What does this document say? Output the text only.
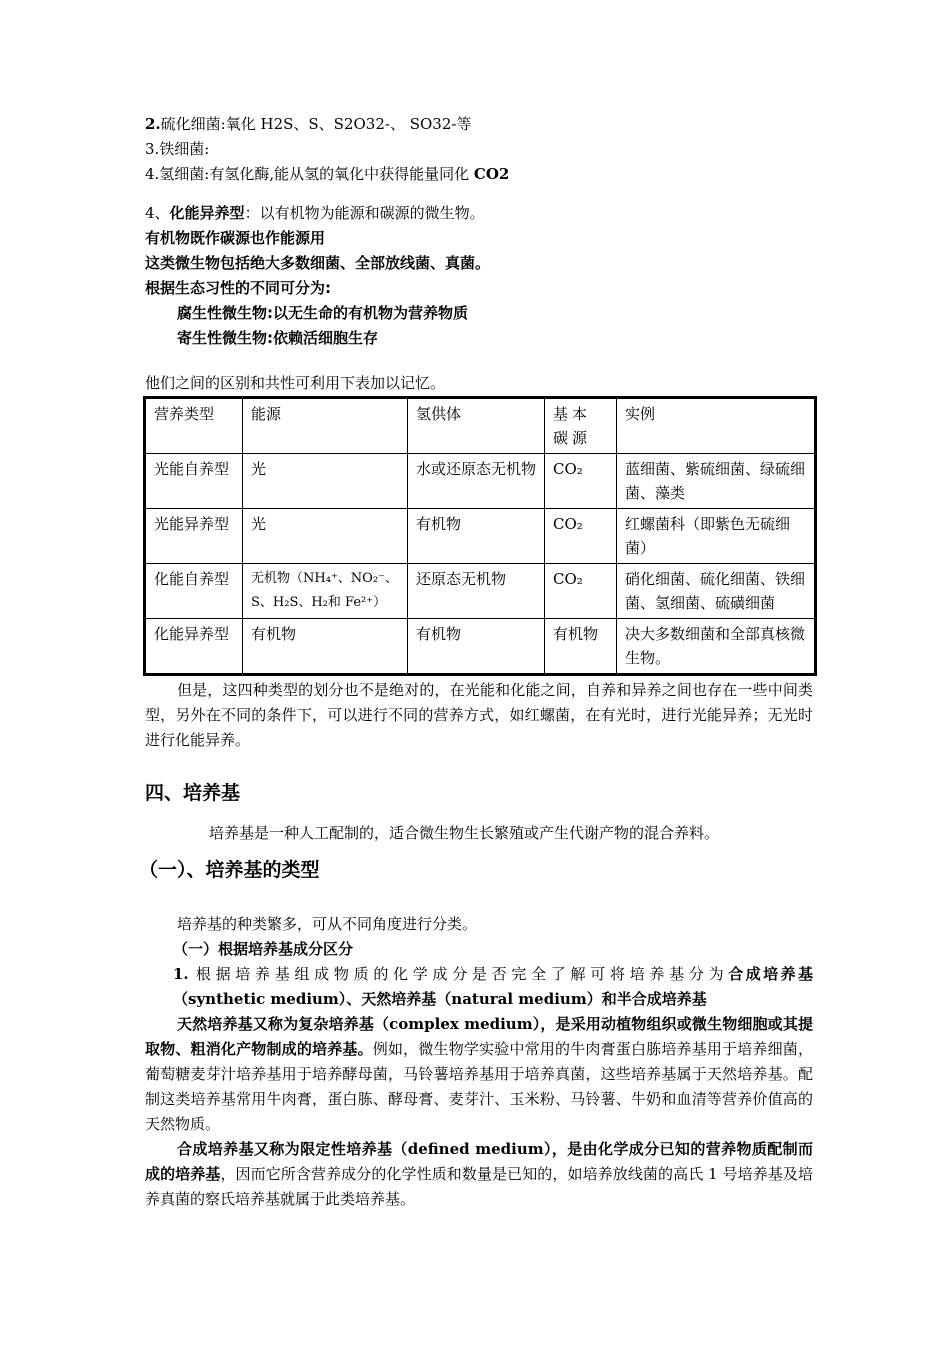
2.硫化细菌:氧化 H2S、S、S2O32-、 SO32-等
3.铁细菌:
4.氢细菌:有氢化酶,能从氢的氧化中获得能量同化 CO2
4、化能异养型：以有机物为能源和碳源的微生物。
有机物既作碳源也作能源用
这类微生物包括绝大多数细菌、全部放线菌、真菌。
根据生态习性的不同可分为:
腐生性微生物:以无生命的有机物为营养物质
寄生性微生物:依赖活细胞生存
他们之间的区别和共性可利用下表加以记忆。
营养类型	能源	氢供体	基本碳源	实例
光能自养型	光	水或还原态无机物	CO₂	蓝细菌、紫硫细菌、绿硫细菌、藻类
光能异养型	光	有机物	CO₂	红螺菌科（即紫色无硫细菌）
化能自养型	无机物（NH₄⁺、NO₂⁻、S、H₂S、H₂和 Fe²⁺）	还原态无机物	CO₂	硝化细菌、硫化细菌、铁细菌、氢细菌、硫磺细菌
化能异养型	有机物	有机物	有机物	决大多数细菌和全部真核微生物。
但是，这四种类型的划分也不是绝对的，在光能和化能之间，自养和异养之间也存在一些中间类型，另外在不同的条件下，可以进行不同的营养方式，如红螺菌，在有光时，进行光能异养；无光时进行化能异养。
四、培养基
培养基是一种人工配制的，适合微生物生长繁殖或产生代谢产物的混合养料。
（一）、培养基的类型
培养基的种类繁多，可从不同角度进行分类。
（一）根据培养基成分区分
1. 根据培养基组成物质的化学成分是否完全了解可将培养基分为合成培养基（synthetic medium）、天然培养基（natural medium）和半合成培养基
天然培养基又称为复杂培养基（complex medium），是采用动植物组织或微生物细胞或其提取物、粗消化产物制成的培养基。例如，微生物学实验中常用的牛肉膏蛋白胨培养基用于培养细菌，葡萄糖麦芽汁培养基用于培养酵母菌，马铃薯培养基用于培养真菌，这些培养基属于天然培养基。配制这类培养基常用牛肉膏，蛋白胨、酵母膏、麦芽汁、玉米粉、马铃薯、牛奶和血清等营养价值高的天然物质。
合成培养基又称为限定性培养基（defined medium），是由化学成分已知的营养物质配制而成的培养基，因而它所含营养成分的化学性质和数量是已知的，如培养放线菌的高氏 1 号培养基及培养真菌的察氏培养基就属于此类培养基。
